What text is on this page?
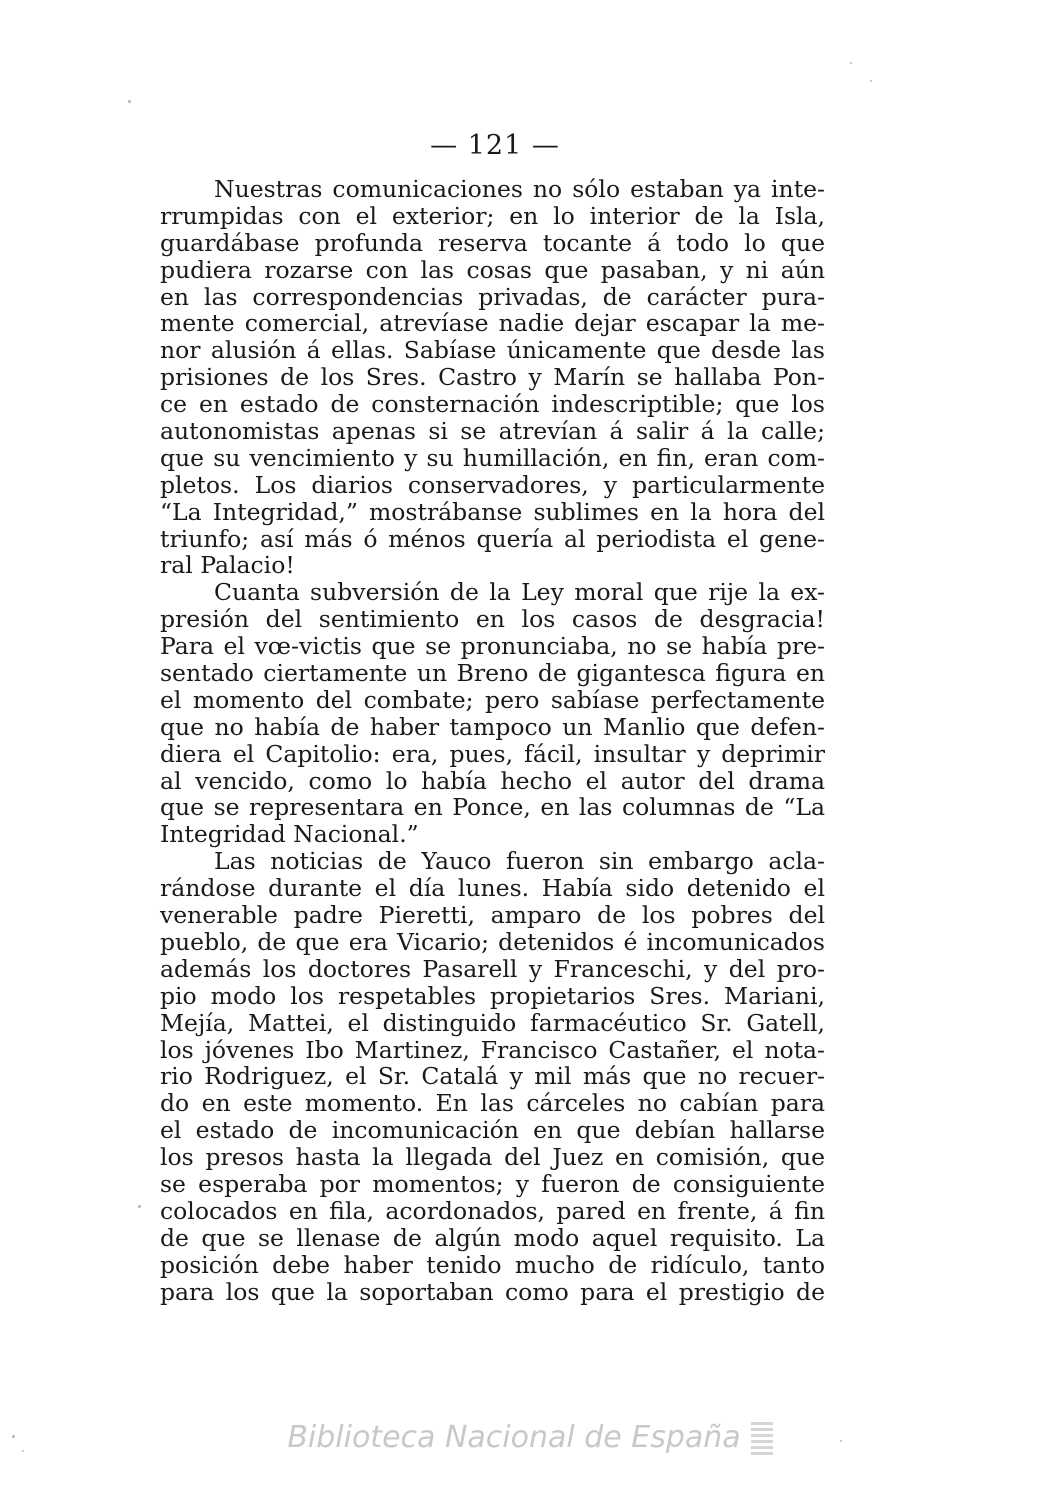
— 121 —
Nuestras comunicaciones no sólo estaban ya inte-
rrumpidas con el exterior; en lo interior de la Isla,
guardábase profunda reserva tocante á todo lo que
pudiera rozarse con las cosas que pasaban, y ni aún
en las correspondencias privadas, de carácter pura-
mente comercial, atrevíase nadie dejar escapar la me-
nor alusión á ellas. Sabíase únicamente que desde las
prisiones de los Sres. Castro y Marín se hallaba Pon-
ce en estado de consternación indescriptible; que los
autonomistas apenas si se atrevían á salir á la calle;
que su vencimiento y su humillación, en fin, eran com-
pletos. Los diarios conservadores, y particularmente
“La Integridad,” mostrábanse sublimes en la hora del
triunfo; así más ó ménos quería al periodista el gene-
ral Palacio!
Cuanta subversión de la Ley moral que rije la ex-
presión del sentimiento en los casos de desgracia!
Para el vœ-victis que se pronunciaba, no se había pre-
sentado ciertamente un Breno de gigantesca figura en
el momento del combate; pero sabíase perfectamente
que no había de haber tampoco un Manlio que defen-
diera el Capitolio: era, pues, fácil, insultar y deprimir
al vencido, como lo había hecho el autor del drama
que se representara en Ponce, en las columnas de “La
Integridad Nacional.”
Las noticias de Yauco fueron sin embargo acla-
rándose durante el día lunes. Había sido detenido el
venerable padre Pieretti, amparo de los pobres del
pueblo, de que era Vicario; detenidos é incomunicados
además los doctores Pasarell y Franceschi, y del pro-
pio modo los respetables propietarios Sres. Mariani,
Mejía, Mattei, el distinguido farmacéutico Sr. Gatell,
los jóvenes Ibo Martinez, Francisco Castañer, el nota-
rio Rodriguez, el Sr. Catalá y mil más que no recuer-
do en este momento. En las cárceles no cabían para
el estado de incomunicación en que debían hallarse
los presos hasta la llegada del Juez en comisión, que
se esperaba por momentos; y fueron de consiguiente
colocados en fila, acordonados, pared en frente, á fin
de que se llenase de algún modo aquel requisito. La
posición debe haber tenido mucho de ridículo, tanto
para los que la soportaban como para el prestigio de
Biblioteca Nacional de España
